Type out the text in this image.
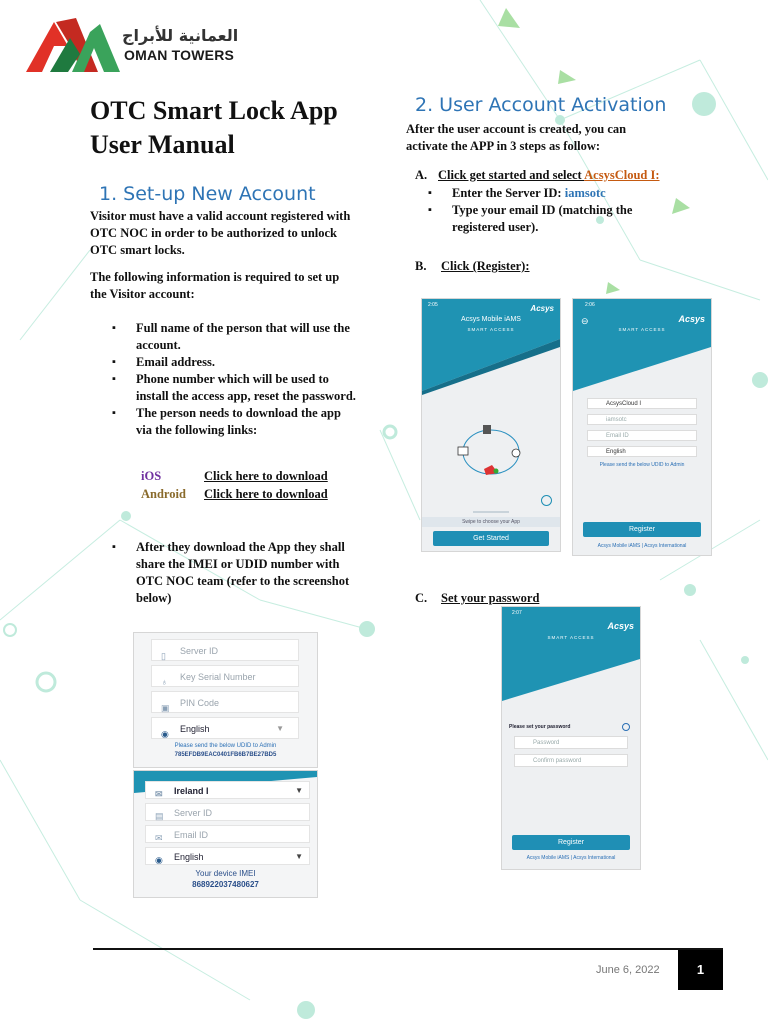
العمانية للأبراج
OMAN TOWERS
OTC Smart Lock App
User Manual
1. Set-up New Account

Visitor must have a valid account registered with OTC NOC in order to be authorized to unlock OTC smart locks.

The following information is required to set up the Visitor account:

▪ Full name of the person that will use the account.
▪ Email address.
▪ Phone number which will be used to install the access app, reset the password.
▪ The person needs to download the app via the following links:
iOS	Click here to download
Android Click here to download
▪ After they download the App they shall share the IMEI or UDID number with OTC NOC team (refer to the screenshot below)
▯ Server ID
♁ Key Serial Number
▣ PIN Code
◉ English	▼
Please send the below UDID to Admin
785EFDB9EAC0401FB6B7BE27BD5
✉ Ireland I	▼
▤ Server ID
✉ Email ID
◉ English	▼
Your device IMEI
868922037480627
2. User Account Activation
After the user account is created, you can activate the APP in 3 steps as follow:
A. Click get started and select AcsysCloud I:
▪ Enter the Server ID: iamsotc
▪ Type your email ID (matching the registered user).
B. Click (Register):
2:05	Acsys
Acsys Mobile iAMS
SMART ACCESS
Swipe to choose your App
Get Started
2:06
⊖	Acsys
SMART ACCESS
AcsysCloud I
iamsotc
Email ID
English
Please send the below UDID to Admin
Register
Acsys Mobile iAMS | Acsys International
C. Set your password
2:07
Acsys
SMART ACCESS
Please set your password
Password
Confirm password
Register
Acsys Mobile iAMS | Acsys International
June 6, 2022	1
